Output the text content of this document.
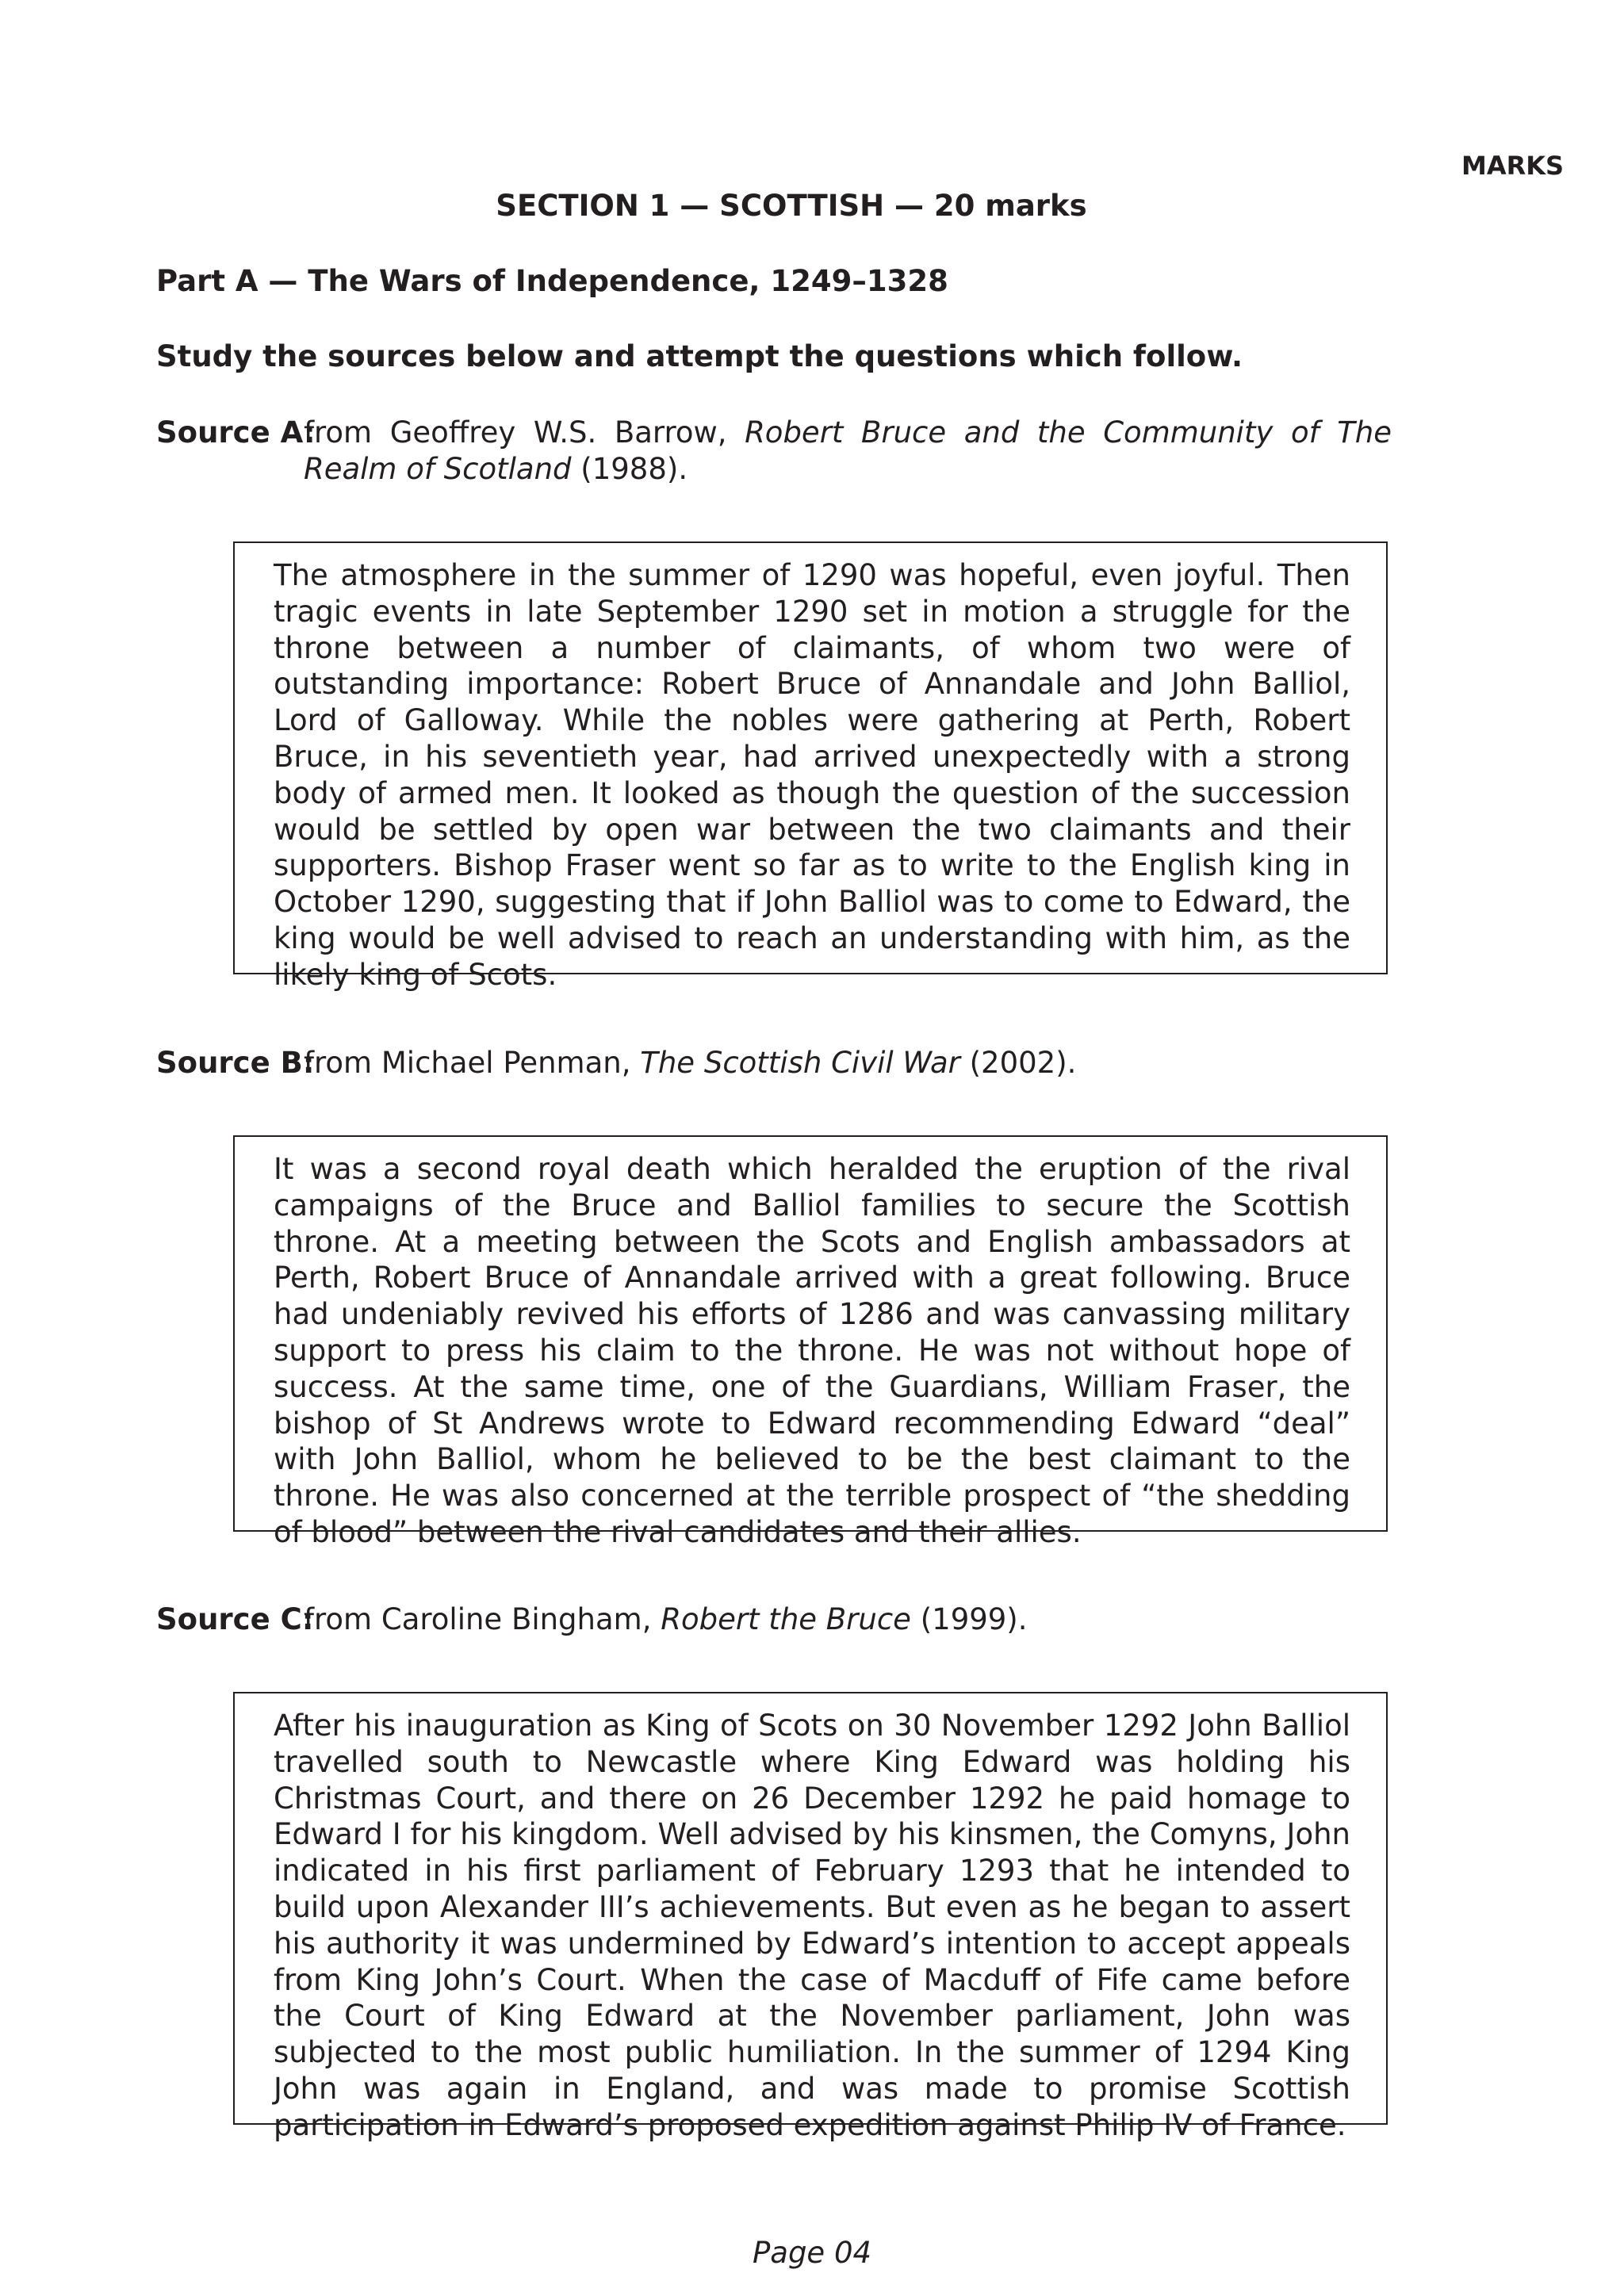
MARKS
SECTION 1 — SCOTTISH — 20 marks
Part A — The Wars of Independence, 1249–1328
Study the sources below and attempt the questions which follow.
Source A:
from Geoffrey W.S. Barrow, Robert Bruce and the Community of The Realm of Scotland (1988).
The atmosphere in the summer of 1290 was hopeful, even joyful. Then tragic events in late September 1290 set in motion a struggle for the throne between a number of claimants, of whom two were of outstanding importance: Robert Bruce of Annandale and John Balliol, Lord of Galloway. While the nobles were gathering at Perth, Robert Bruce, in his seventieth year, had arrived unexpectedly with a strong body of armed men. It looked as though the question of the succession would be settled by open war between the two claimants and their supporters. Bishop Fraser went so far as to write to the English king in October 1290, suggesting that if John Balliol was to come to Edward, the king would be well advised to reach an understanding with him, as the likely king of Scots.
Source B:
from Michael Penman, The Scottish Civil War (2002).
It was a second royal death which heralded the eruption of the rival campaigns of the Bruce and Balliol families to secure the Scottish throne. At a meeting between the Scots and English ambassadors at Perth, Robert Bruce of Annandale arrived with a great following. Bruce had undeniably revived his efforts of 1286 and was canvassing military support to press his claim to the throne. He was not without hope of success. At the same time, one of the Guardians, William Fraser, the bishop of St Andrews wrote to Edward recommending Edward “deal” with John Balliol, whom he believed to be the best claimant to the throne. He was also concerned at the terrible prospect of “the shedding of blood” between the rival candidates and their allies.
Source C:
from Caroline Bingham, Robert the Bruce (1999).
After his inauguration as King of Scots on 30 November 1292 John Balliol travelled south to Newcastle where King Edward was holding his Christmas Court, and there on 26 December 1292 he paid homage to Edward I for his kingdom. Well advised by his kinsmen, the Comyns, John indicated in his first parliament of February 1293 that he intended to build upon Alexander III’s achievements. But even as he began to assert his authority it was undermined by Edward’s intention to accept appeals from King John’s Court. When the case of Macduff of Fife came before the Court of King Edward at the November parliament, John was subjected to the most public humiliation. In the summer of 1294 King John was again in England, and was made to promise Scottish participation in Edward’s proposed expedition against Philip IV of France.
Page 04
